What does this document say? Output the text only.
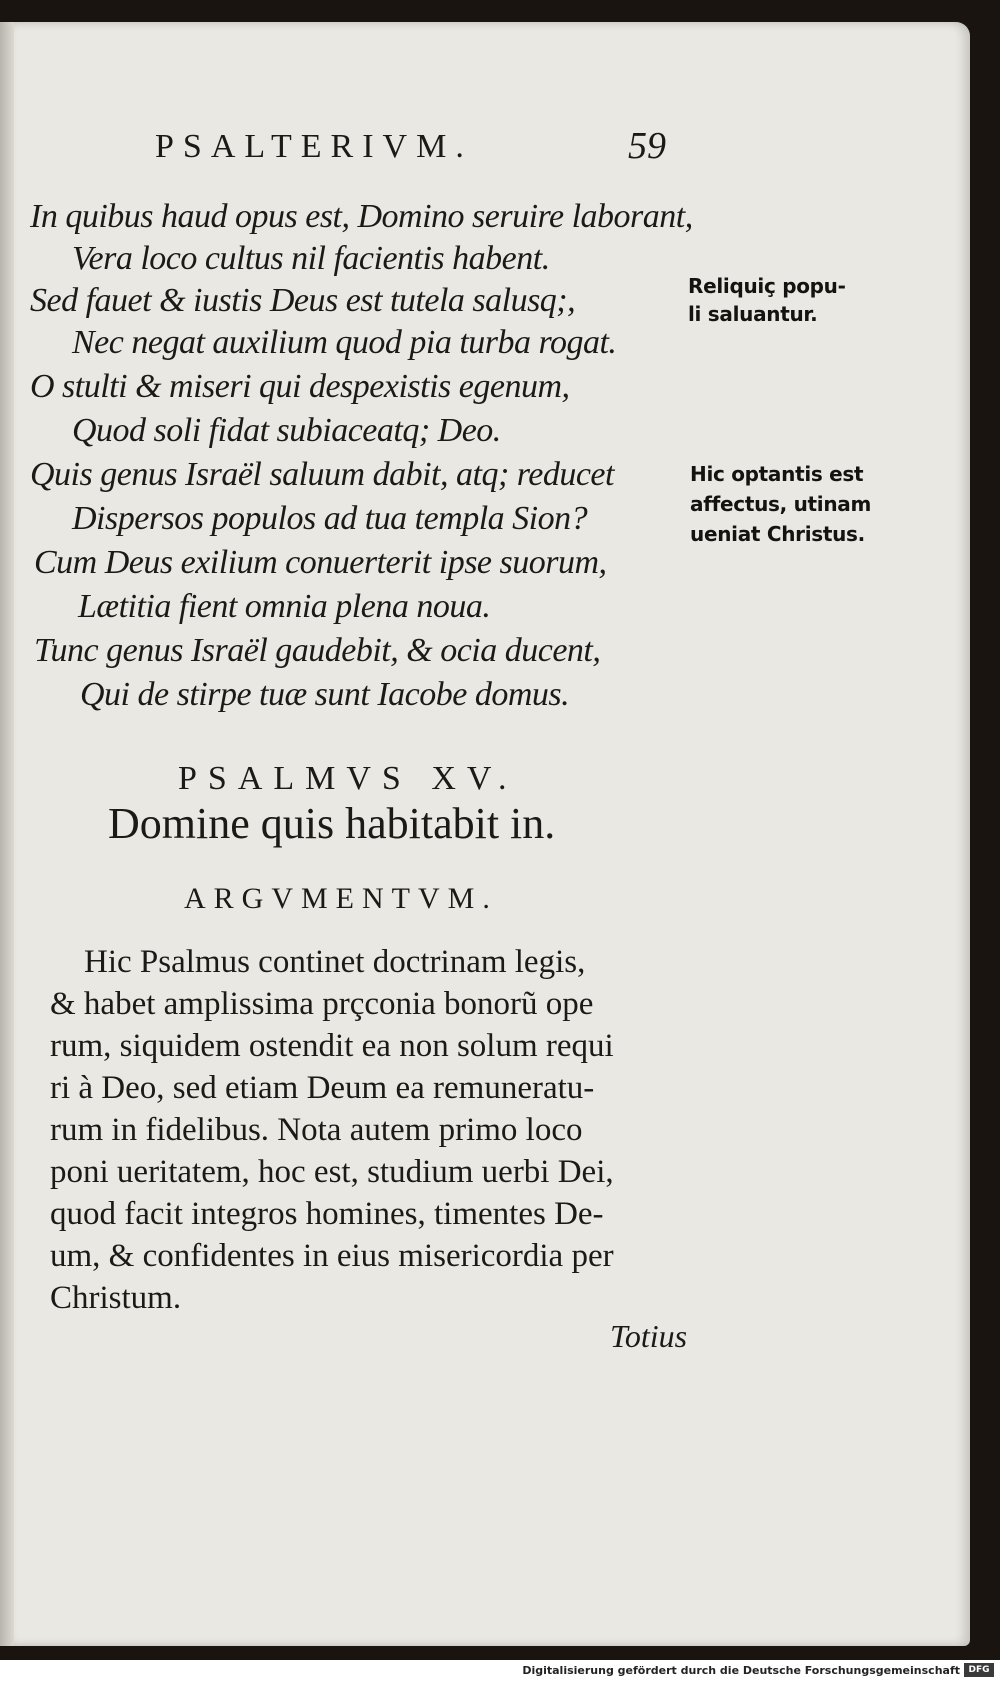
PSALTERIVM.	59
In quibus haud opus est, Domino seruire laborant,
Vera loco cultus nil facientis habent.
Sed fauet & iustis Deus est tutela salusq;,
Nec negat auxilium quod pia turba rogat.
O stulti & miseri qui despexistis egenum,
Quod soli fidat subiaceatq; Deo.
Quis genus Israël saluum dabit, atq; reducet
Dispersos populos ad tua templa Sion?
Cum Deus exilium conuerterit ipse suorum,
Lætitia fient omnia plena noua.
Tunc genus Israël gaudebit, & ocia ducent,
Qui de stirpe tuæ sunt Iacobe domus.
Reliquiç popu-
li saluantur.
Hic optantis est
affectus, utinam
ueniat Christus.
PSALMVS XV.
Domine quis habitabit in.
ARGVMENTVM.
Hic Psalmus continet doctrinam legis,
& habet amplissima prçconia bonorũ ope
rum, siquidem ostendit ea non solum requi
ri à Deo, sed etiam Deum ea remuneratu-
rum in fidelibus. Nota autem primo loco
poni ueritatem, hoc est, studium uerbi Dei,
quod facit integros homines, timentes De-
um, & confidentes in eius misericordia per
Christum.
Totius
Digitalisierung gefördert durch die Deutsche Forschungsgemeinschaft DFG
